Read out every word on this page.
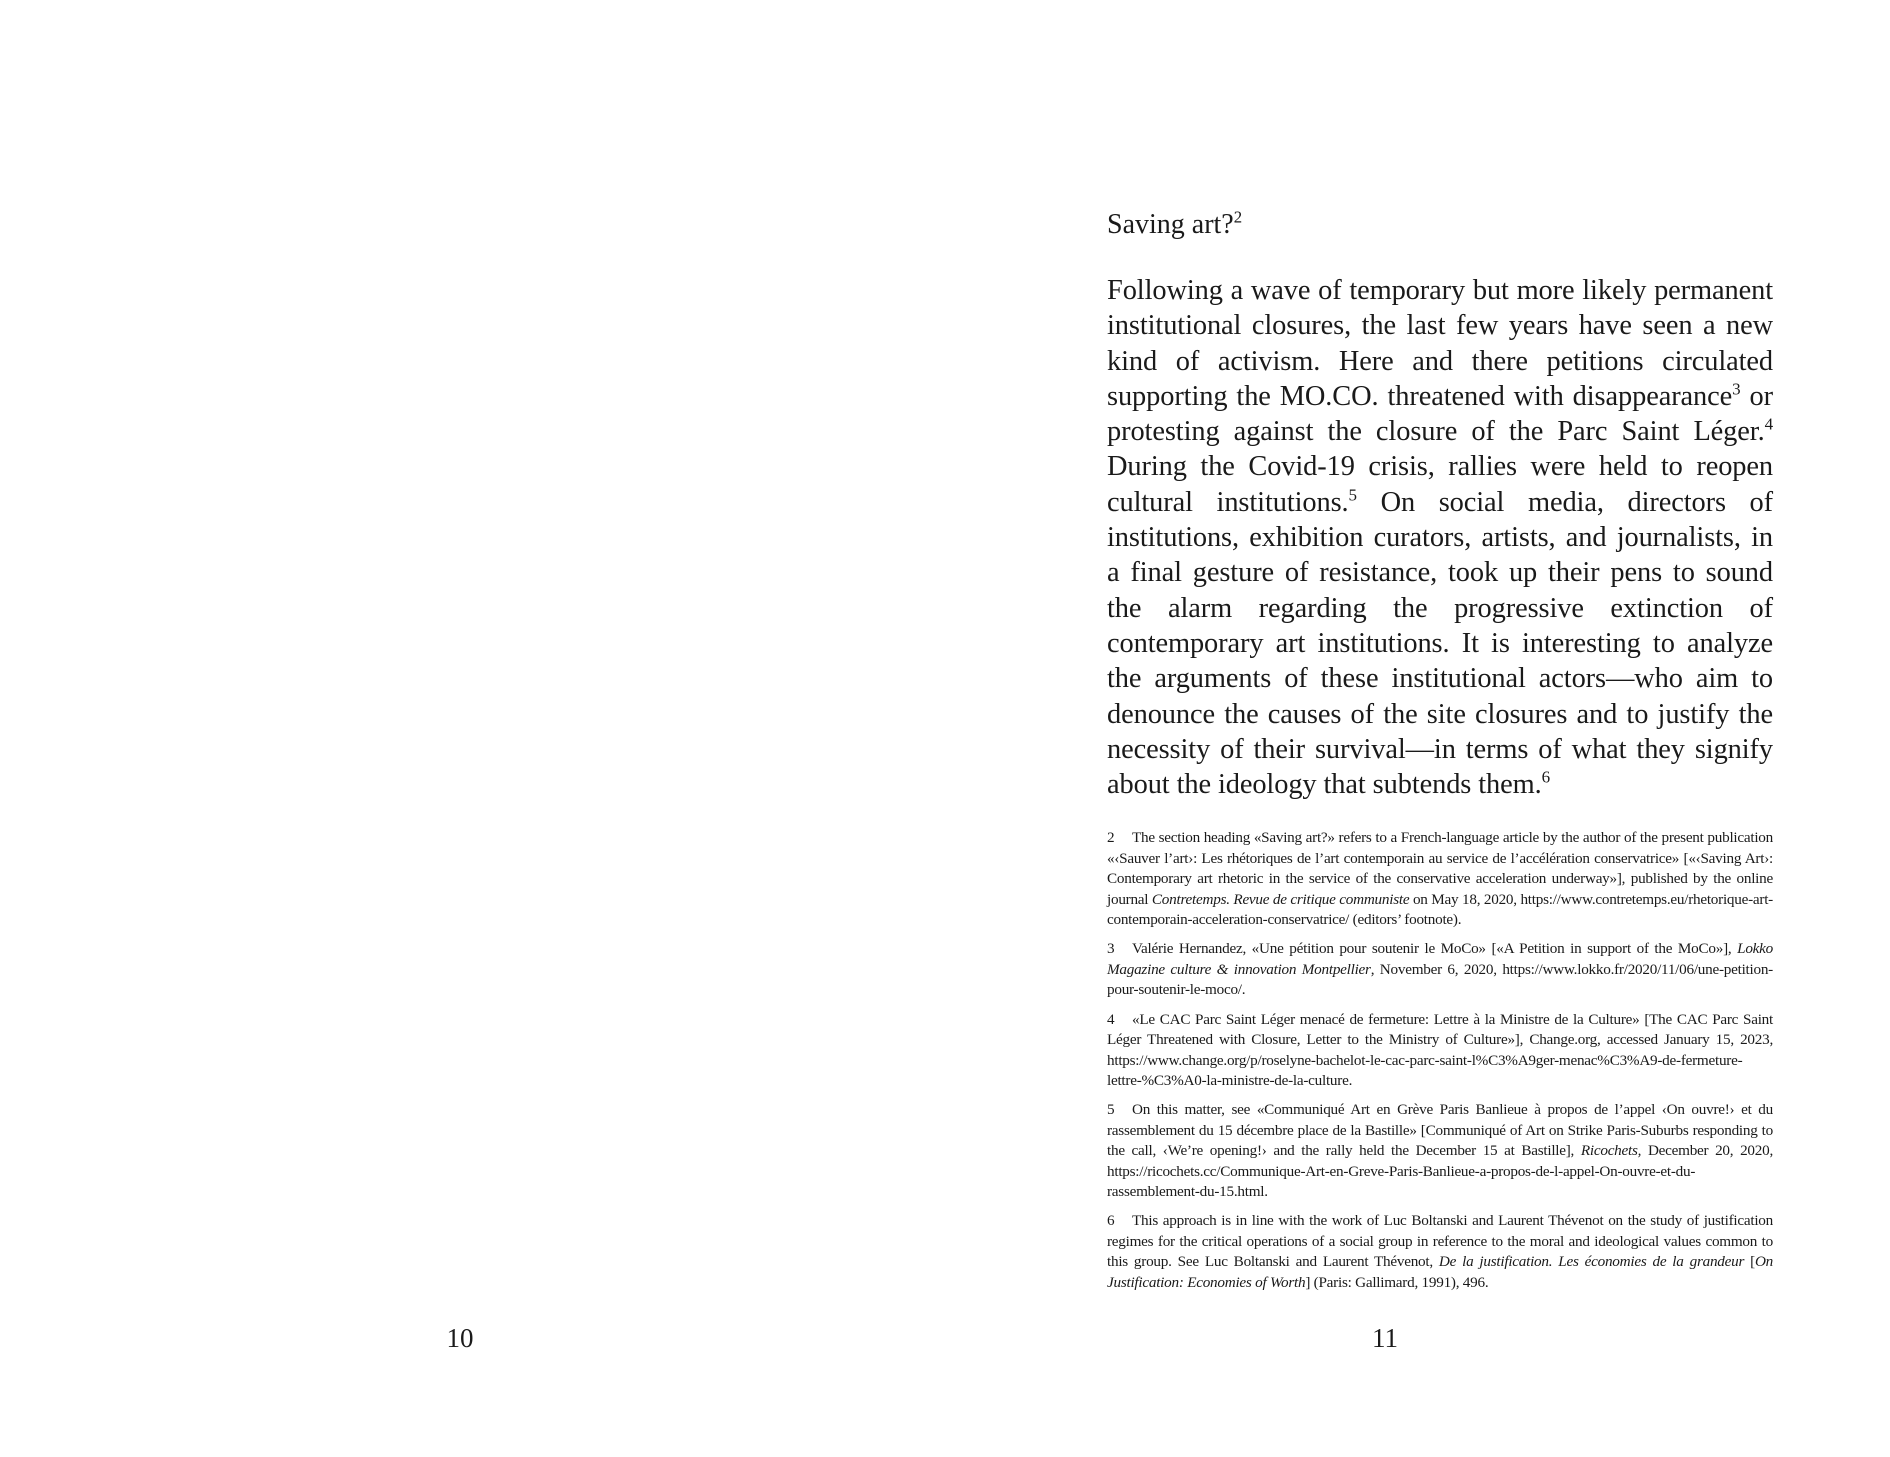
10

Saving art?$^2$

Following a wave of temporary but more likely permanent institutional closures, the last few years have seen a new kind of activism. Here and there petitions circulated supporting the MO.CO. threatened with disappearance$^3$ or protesting against the closure of the Parc Saint Léger.$^4$ During the Covid-19 crisis, rallies were held to reopen cultural institutions.$^5$ On social media, directors of institutions, exhibition curators, artists, and journalists, in a final gesture of resistance, took up their pens to sound the alarm regarding the progressive extinction of contemporary art institutions. It is interesting to analyze the arguments of these institutional actors—who aim to denounce the causes of the site closures and to justify the necessity of their survival—in terms of what they signify about the ideology that subtends them.$^6$

2 The section heading «Saving art?» refers to a French-language article by the author of the present publication «‹Sauver l’art›: Les rhétoriques de l’art contemporain au service de l’accélération conservatrice» [«‹Saving Art›: Contemporary art rhetoric in the service of the conservative acceleration underway»], published by the online journal Contretemps. Revue de critique communiste on May 18, 2020, https://www.contretemps.eu/rhetorique-art-contemporain-acceleration-conservatrice/ (editors’ footnote).

3 Valérie Hernandez, «Une pétition pour soutenir le MoCo» [«A Petition in support of the MoCo»], Lokko Magazine culture & innovation Montpellier, November 6, 2020, https://www.lokko.fr/2020/11/06/une-petition-pour-soutenir-le-moco/.

4 «Le CAC Parc Saint Léger menacé de fermeture: Lettre à la Ministre de la Culture» [The CAC Parc Saint Léger Threatened with Closure, Letter to the Ministry of Culture»], Change.org, accessed January 15, 2023, https://www.change.org/p/roselyne-bachelot-le-cac-parc-saint-l%C3%A9ger-menac%C3%A9-de-fermeture-lettre-%C3%A0-la-ministre-de-la-culture.

5 On this matter, see «Communiqué Art en Grève Paris Banlieue à propos de l’appel ‹On ouvre!› et du rassemblement du 15 décembre place de la Bastille» [Communiqué of Art on Strike Paris-Suburbs responding to the call, ‹We’re opening!› and the rally held the December 15 at Bastille], Ricochets, December 20, 2020, https://ricochets.cc/Communique-Art-en-Greve-Paris-Banlieue-a-propos-de-l-appel-On-ouvre-et-du-rassemblement-du-15.html.

6 This approach is in line with the work of Luc Boltanski and Laurent Thévenot on the study of justification regimes for the critical operations of a social group in reference to the moral and ideological values common to this group. See Luc Boltanski and Laurent Thévenot, De la justification. Les économies de la grandeur [On Justification: Economies of Worth] (Paris: Gallimard, 1991), 496.

11
